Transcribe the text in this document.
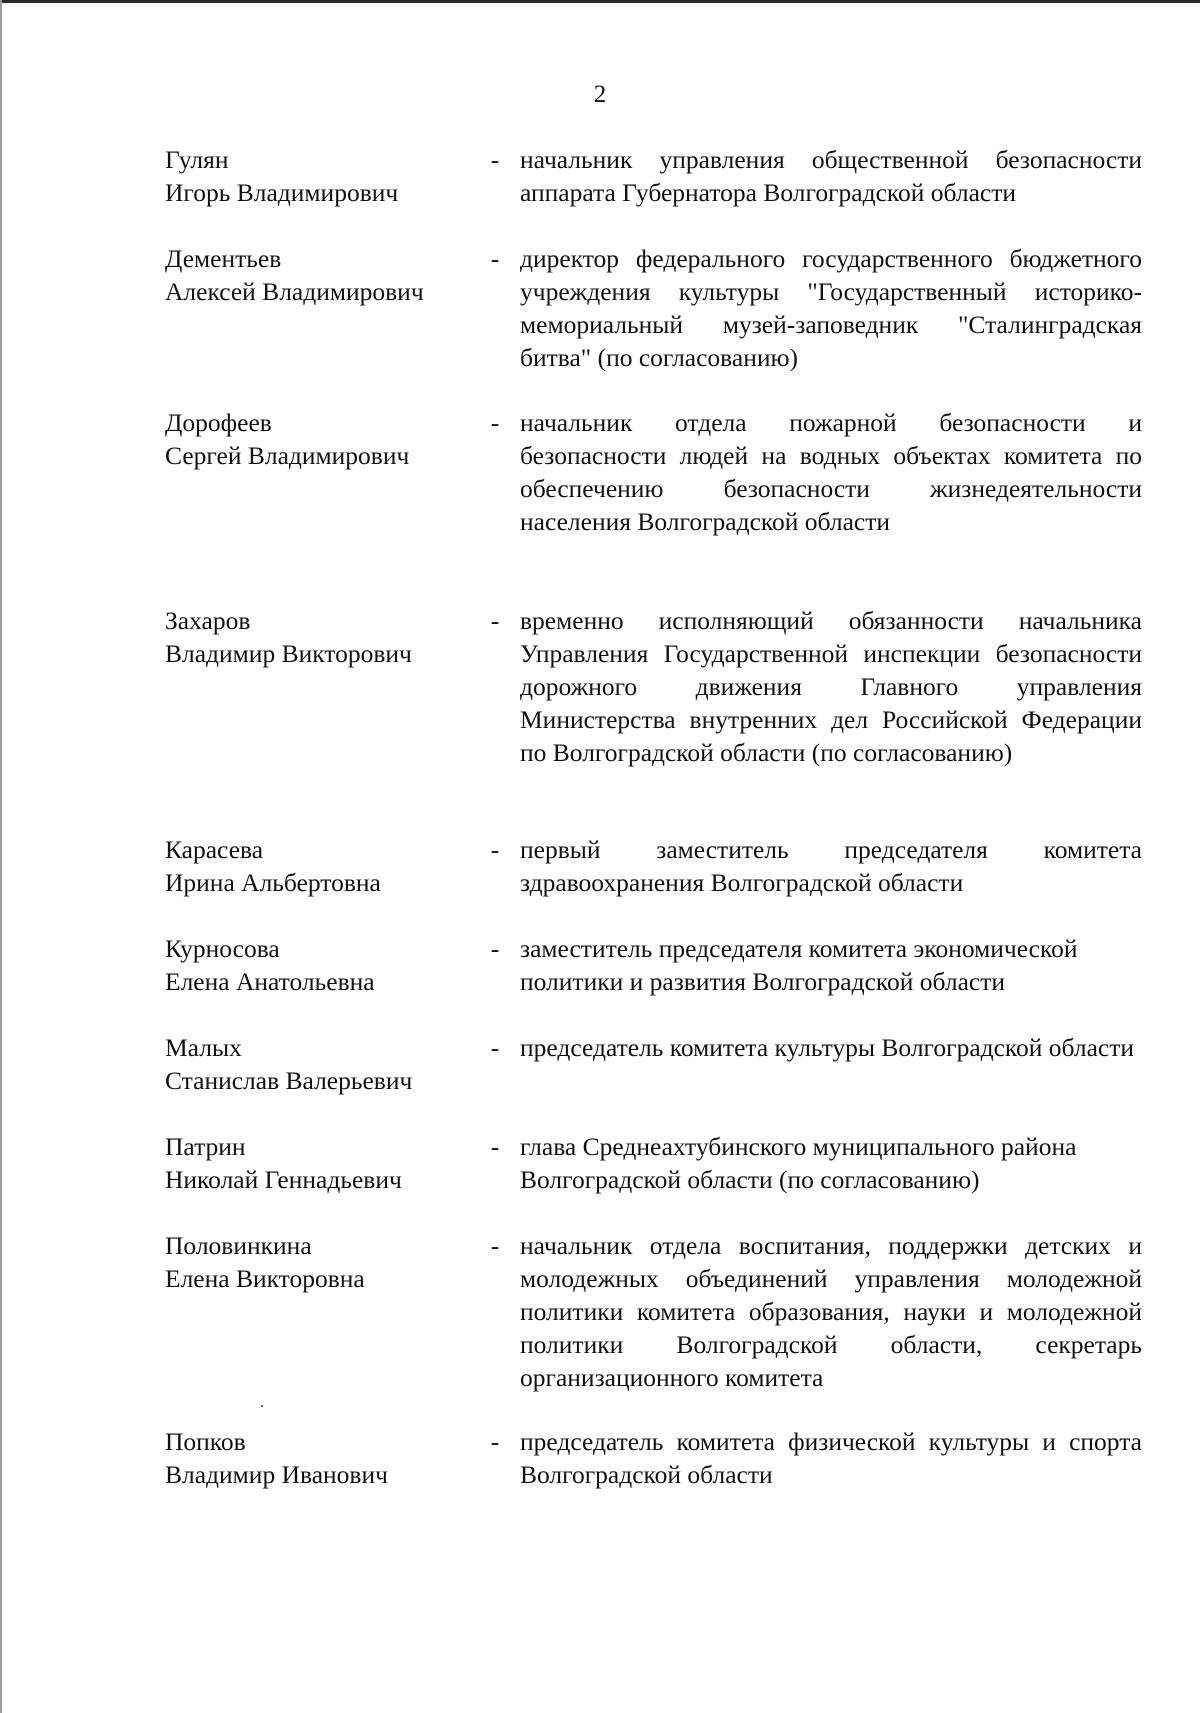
2
Гулян
Игорь Владимирович
- начальник управления общественной безопасности аппарата Губернатора Волгоградской области
Дементьев
Алексей Владимирович
- директор федерального государственного бюджетного учреждения культуры "Государственный историко-мемориальный музей-заповедник "Сталинградская битва" (по согласованию)
Дорофеев
Сергей Владимирович
- начальник отдела пожарной безопасности и безопасности людей на водных объектах комитета по обеспечению безопасности жизнедеятельности населения Волгоградской области
Захаров
Владимир Викторович
- временно исполняющий обязанности начальника Управления Государственной инспекции безопасности дорожного движения Главного управления Министерства внутренних дел Российской Федерации по Волгоградской области (по согласованию)
Карасева
Ирина Альбертовна
- первый заместитель председателя комитета здравоохранения Волгоградской области
Курносова
Елена Анатольевна
- заместитель председателя комитета экономической политики и развития Волгоградской области
Малых
Станислав Валерьевич
- председатель комитета культуры Волгоградской области
Патрин
Николай Геннадьевич
- глава Среднеахтубинского муниципального района Волгоградской области (по согласованию)
Половинкина
Елена Викторовна
- начальник отдела воспитания, поддержки детских и молодежных объединений управления молодежной политики комитета образования, науки и молодежной политики Волгоградской области, секретарь организационного комитета
Попков
Владимир Иванович
- председатель комитета физической культуры и спорта Волгоградской области
